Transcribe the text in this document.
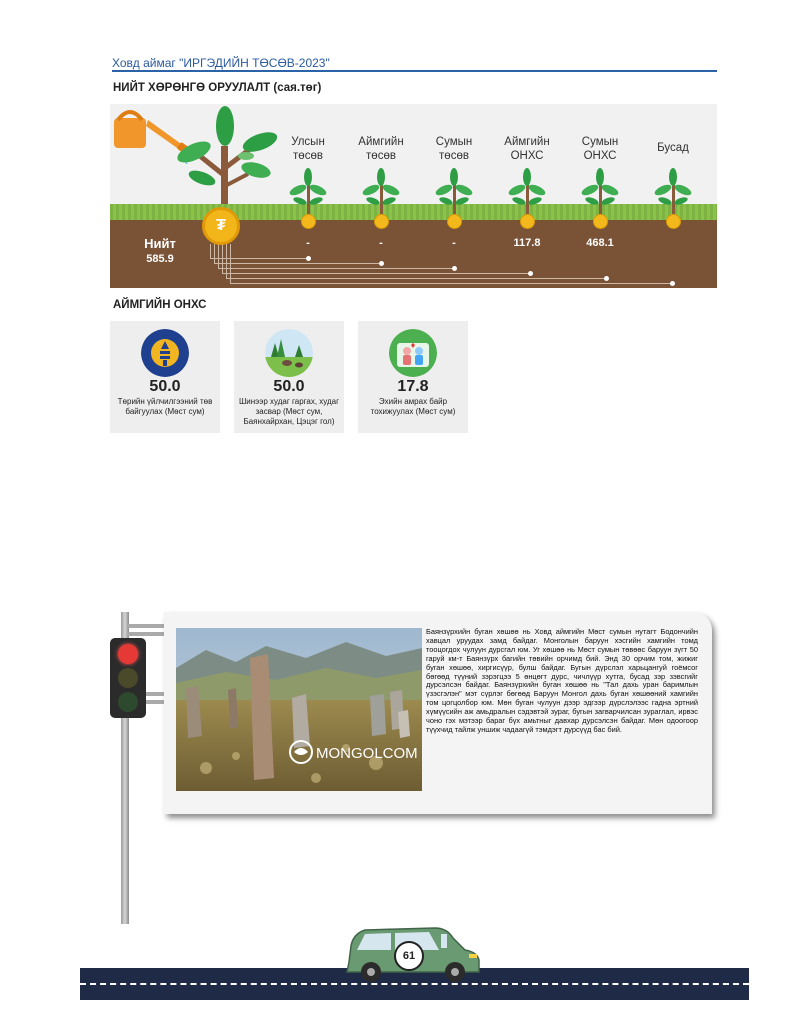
Ховд аймаг "ИРГЭДИЙН ТӨСӨВ-2023"
НИЙТ ХӨРӨНГӨ ОРУУЛАЛТ (сая.төг)
₮
Нийт
585.9
Улсын
төсөв
-
Аймгийн
төсөв
-
Сумын
төсөв
-
Аймгийн
ОНХС
117.8
Сумын
ОНХС
468.1
Бусад
АЙМГИЙН ОНХС
50.0
Төрийн үйлчилгээний төв байгуулах (Мөст сум)
50.0
Шинээр худаг гаргах, худаг засвар (Мөст сум, Баянхайрхан, Цэцэг гол)
17.8
Эхийн амрах байр тохижуулах (Мөст сум)
MONGOLCOM
Баянзүрхийн буган хөшөө нь Ховд аймгийн Мөст сумын нутагт Бодончийн хавцал уруудах замд байдаг. Монголын баруун хэсгийн хамгийн томд тооцогдох чулуун дурсгал юм. Уг хөшөө нь Мөст сумын төвөөс баруун зүгт 50 гаруй км-т Баянзүрх багийн төвийн орчимд бий. Энд 30 орчим том, жижиг буган хөшөө, хиргисүүр, булш байдаг. Бугын дүрслэл харьцангуй гоёмсог бөгөөд түүний зэрэгцээ 5 өнцөгт дурс, чичлүүр хутга, бусад зэр зэвсгийг дурсэлсэн байдаг. Баянзүрхийн буган хөшөө нь "Тал дахь уран баримлын үзэсгэлэн" мэт сүрлэг бөгөөд Баруун Монгол дахь буган хөшөөний хамгийн том цогцолбор юм. Мөн буган чулуун дээр эдгээр дүрслэлээс гадна эртний хүмүүсийн аж амьдралын сэдэвтэй зураг, бугын загварчилсан зураглал, ирвэс чоно гэх мэтээр бараг бүх амьтныг давхар дурсэлсэн байдаг. Мөн одоогоор түүхчид тайлж уншиж чадаагүй тэмдэгт дурсүүд бас бий.
61
